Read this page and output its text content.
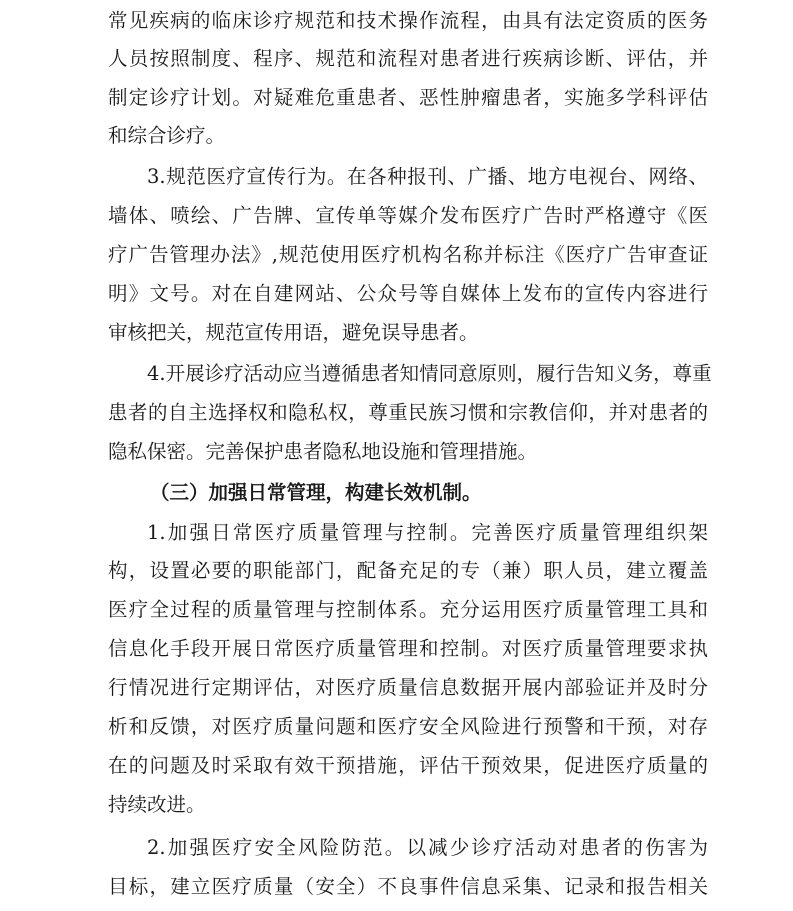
常见疾病的临床诊疗规范和技术操作流程，由具有法定资质的医务
人员按照制度、程序、规范和流程对患者进行疾病诊断、评估，并
制定诊疗计划。对疑难危重患者、恶性肿瘤患者，实施多学科评估
和综合诊疗。
3.规范医疗宣传行为。在各种报刊、广播、地方电视台、网络、
墙体、喷绘、广告牌、宣传单等媒介发布医疗广告时严格遵守《医
疗广告管理办法》,规范使用医疗机构名称并标注《医疗广告审查证
明》文号。对在自建网站、公众号等自媒体上发布的宣传内容进行
审核把关，规范宣传用语，避免误导患者。
4.开展诊疗活动应当遵循患者知情同意原则，履行告知义务，尊重
患者的自主选择权和隐私权，尊重民族习惯和宗教信仰，并对患者的
隐私保密。完善保护患者隐私地设施和管理措施。
（三）加强日常管理，构建长效机制。
1.加强日常医疗质量管理与控制。完善医疗质量管理组织架
构，设置必要的职能部门，配备充足的专（兼）职人员，建立覆盖
医疗全过程的质量管理与控制体系。充分运用医疗质量管理工具和
信息化手段开展日常医疗质量管理和控制。对医疗质量管理要求执
行情况进行定期评估，对医疗质量信息数据开展内部验证并及时分
析和反馈，对医疗质量问题和医疗安全风险进行预警和干预，对存
在的问题及时采取有效干预措施，评估干预效果，促进医疗质量的
持续改进。
2.加强医疗安全风险防范。以减少诊疗活动对患者的伤害为
目标，建立医疗质量（安全）不良事件信息采集、记录和报告相关
